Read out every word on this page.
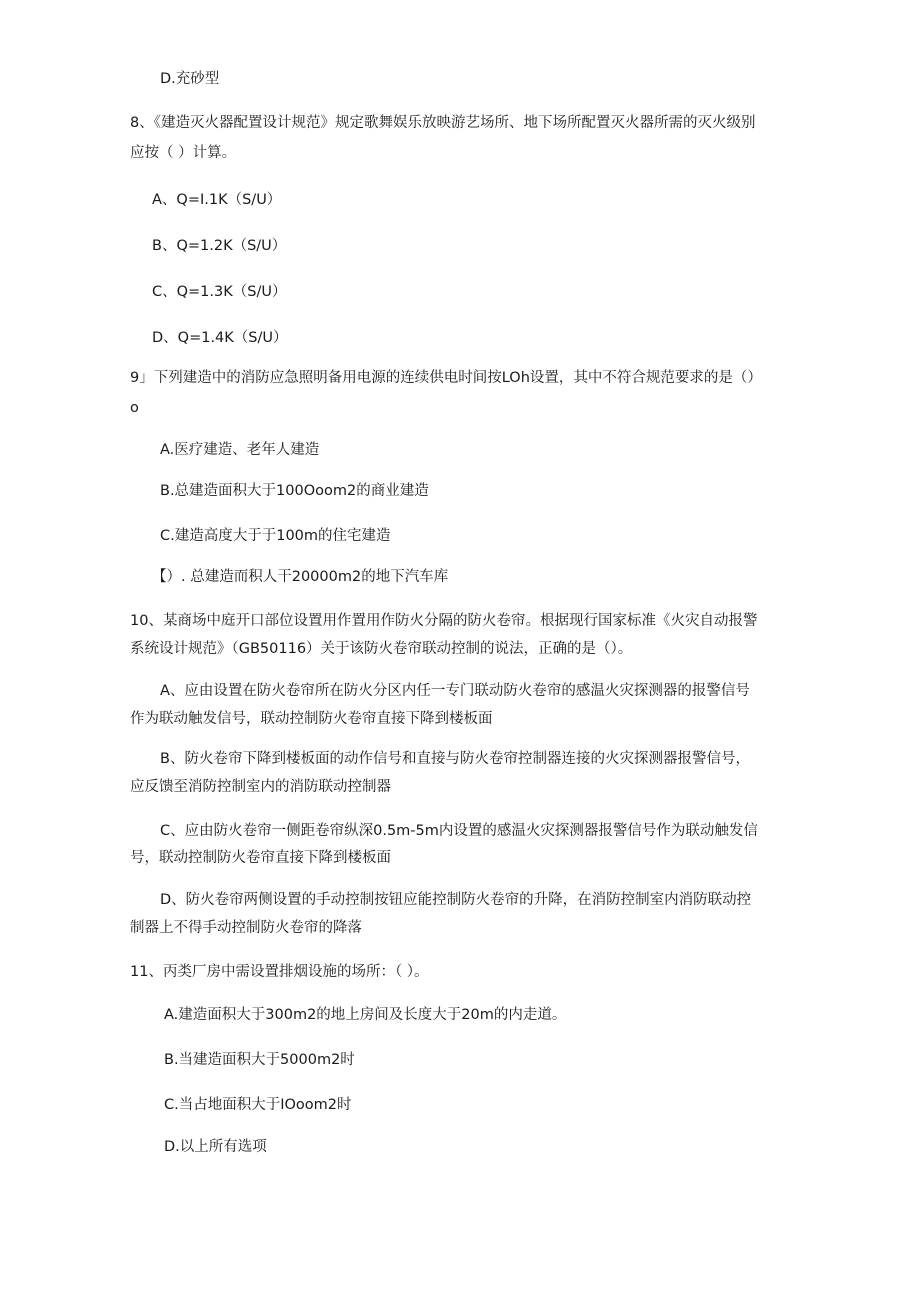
D.充砂型
8、《建造灭火器配置设计规范》规定歌舞娱乐放映游艺场所、地下场所配置灭火器所需的灭火级别
应按（ ）计算。
A、Q=I.1K（S/U）
B、Q=1.2K（S/U）
C、Q=1.3K（S/U）
D、Q=1.4K（S/U）
9」下列建造中的消防应急照明备用电源的连续供电时间按LOh设置，其中不符合规范要求的是（）
o
A.医疗建造、老年人建造
B.总建造面积大于100Ooom2的商业建造
C.建造高度大于于100m的住宅建造
【）. 总建造而积人干20000m2的地下汽车库
10、某商场中庭开口部位设置用作置用作防火分隔的防火卷帘。根据现行国家标准《火灾自动报警
系统设计规范》（GB50116）关于该防火卷帘联动控制的说法，正确的是（）。
A、应由设置在防火卷帘所在防火分区内任一专门联动防火卷帘的感温火灾探测器的报警信号
作为联动触发信号，联动控制防火卷帘直接下降到楼板面
B、防火卷帘下降到楼板面的动作信号和直接与防火卷帘控制器连接的火灾探测器报警信号，
应反馈至消防控制室内的消防联动控制器
C、应由防火卷帘一侧距卷帘纵深0.5m-5m内设置的感温火灾探测器报警信号作为联动触发信
号，联动控制防火卷帘直接下降到楼板面
D、防火卷帘两侧设置的手动控制按钮应能控制防火卷帘的升降，在消防控制室内消防联动控
制器上不得手动控制防火卷帘的降落
11、丙类厂房中需设置排烟设施的场所：（ ）。
A.建造面积大于300m2的地上房间及长度大于20m的内走道。
B.当建造面积大于5000m2时
C.当占地面积大于IOoom2时
D.以上所有选项
